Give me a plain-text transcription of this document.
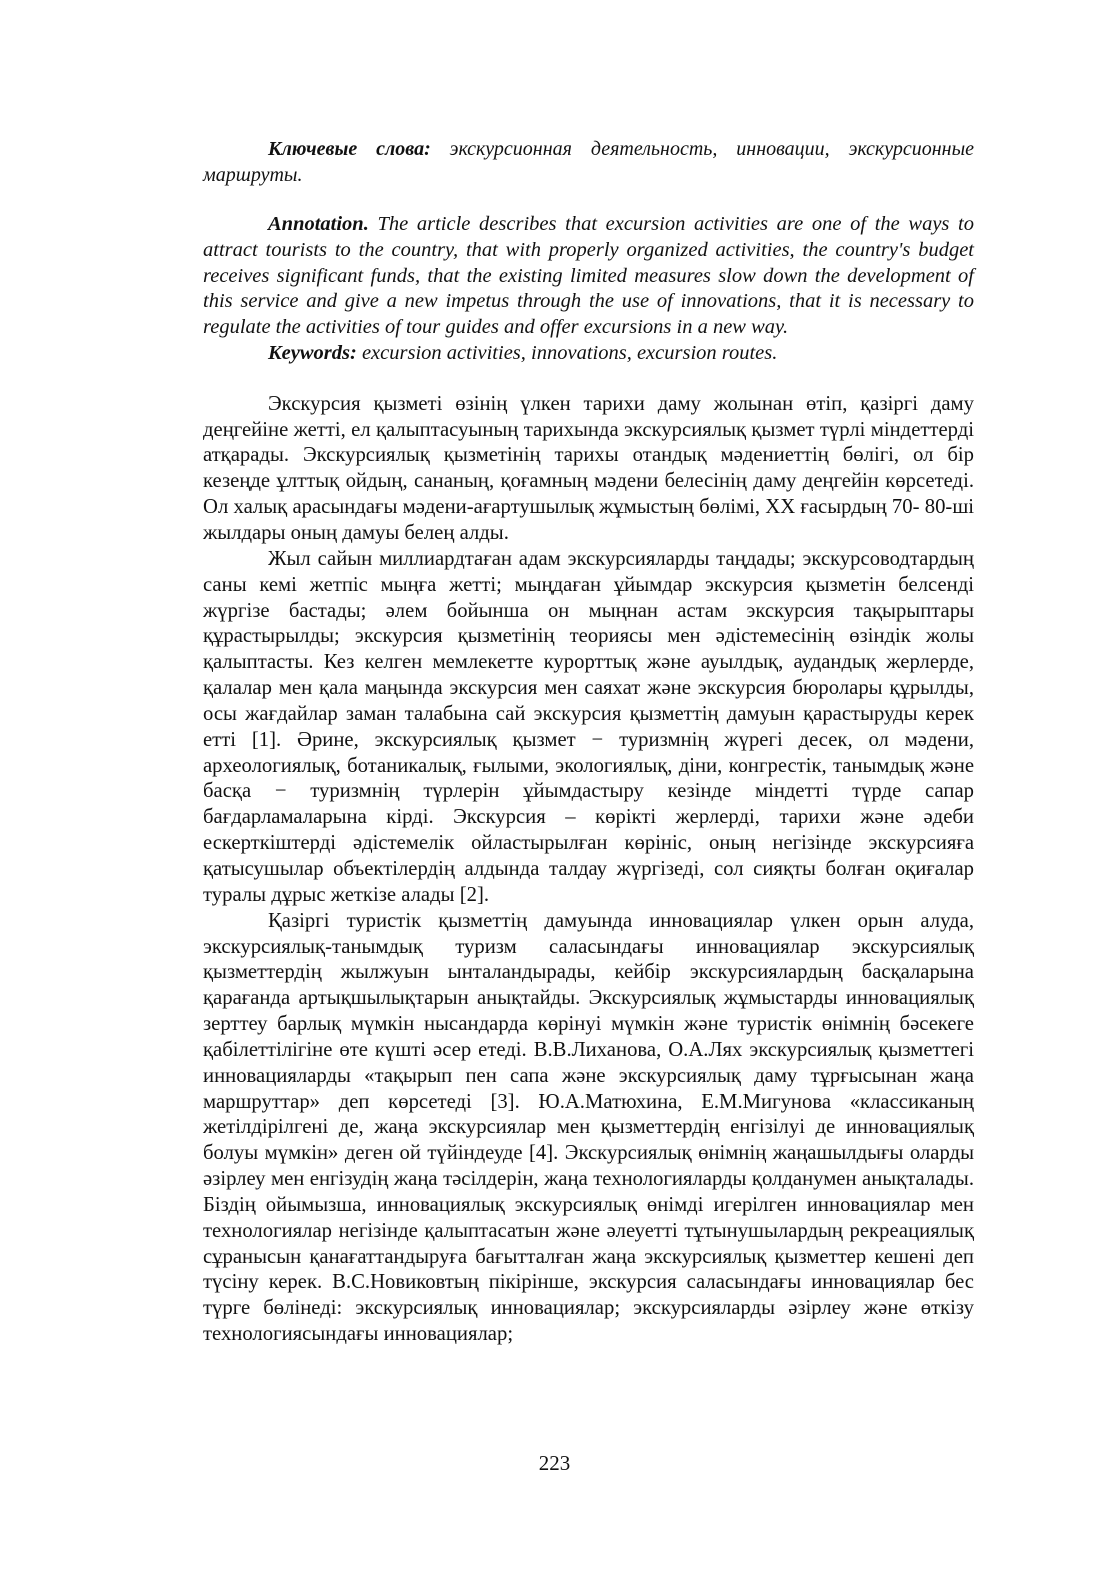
Ключевые слова: экскурсионная деятельность, инновации, экскурсионные маршруты.

Annotation. The article describes that excursion activities are one of the ways to attract tourists to the country, that with properly organized activities, the country's budget receives significant funds, that the existing limited measures slow down the development of this service and give a new impetus through the use of innovations, that it is necessary to regulate the activities of tour guides and offer excursions in a new way.

Keywords: excursion activities, innovations, excursion routes.

Экскурсия қызметі өзінің үлкен тарихи даму жолынан өтіп, қазіргі даму деңгейіне жетті, ел қалыптасуының тарихында экскурсиялық қызмет түрлі міндеттерді атқарады. Экскурсиялық қызметінің тарихы отандық мәдениеттің бөлігі, ол бір кезеңде ұлттық ойдың, сананың, қоғамның мәдени белесінің даму деңгейін көрсетеді. Ол халық арасындағы мәдени-ағартушылық жұмыстың бөлімі, XX ғасырдың 70- 80-ші жылдары оның дамуы белең алды.

Жыл сайын миллиардтаған адам экскурсияларды таңдады; экскурсоводтардың саны кемі жетпіс мыңға жетті; мыңдаған ұйымдар экскурсия қызметін белсенді жүргізе бастады; әлем бойынша он мыңнан астам экскурсия тақырыптары құрастырылды; экскурсия қызметінің теориясы мен әдістемесінің өзіндік жолы қалыптасты. Кез келген мемлекетте курорттық және ауылдық, аудандық жерлерде, қалалар мен қала маңында экскурсия мен саяхат және экскурсия бюролары құрылды, осы жағдайлар заман талабына сай экскурсия қызметтің дамуын қарастыруды керек етті [1]. Әрине, экскурсиялық қызмет − туризмнің жүрегі десек, ол мәдени, археологиялық, ботаникалық, ғылыми, экологиялық, діни, конгрестік, танымдық және басқа − туризмнің түрлерін ұйымдастыру кезінде міндетті түрде сапар бағдарламаларына кірді. Экскурсия – көрікті жерлерді, тарихи және әдеби ескерткіштерді әдістемелік ойластырылған көрініс, оның негізінде экскурсияға қатысушылар объектілердің алдында талдау жүргізеді, сол сияқты болған оқиғалар туралы дұрыс жеткізе алады [2].

Қазіргі туристік қызметтің дамуында инновациялар үлкен орын алуда, экскурсиялық-танымдық туризм саласындағы инновациялар экскурсиялық қызметтердің жылжуын ынталандырады, кейбір экскурсиялардың басқаларына қарағанда артықшылықтарын анықтайды. Экскурсиялық жұмыстарды инновациялық зерттеу барлық мүмкін нысандарда көрінуі мүмкін және туристік өнімнің бәсекеге қабілеттілігіне өте күшті әсер етеді. В.В.Лиханова, О.А.Лях экскурсиялық қызметтегі инновацияларды «тақырып пен сапа және экскурсиялық даму тұрғысынан жаңа маршруттар» деп көрсетеді [3]. Ю.А.Матюхина, Е.М.Мигунова «классиканың жетілдірілгені де, жаңа экскурсиялар мен қызметтердің енгізілуі де инновациялық болуы мүмкін» деген ой түйіндеуде [4]. Экскурсиялық өнімнің жаңашылдығы оларды әзірлеу мен енгізудің жаңа тәсілдерін, жаңа технологияларды қолданумен анықталады. Біздің ойымызша, инновациялық экскурсиялық өнімді игерілген инновациялар мен технологиялар негізінде қалыптасатын және әлеуетті тұтынушылардың рекреациялық сұранысын қанағаттандыруға бағытталған жаңа экскурсиялық қызметтер кешені деп түсіну керек. В.С.Новиковтың пікірінше, экскурсия саласындағы инновациялар бес түрге бөлінеді: экскурсиялық инновациялар; экскурсияларды әзірлеу және өткізу технологиясындағы инновациялар;

223
